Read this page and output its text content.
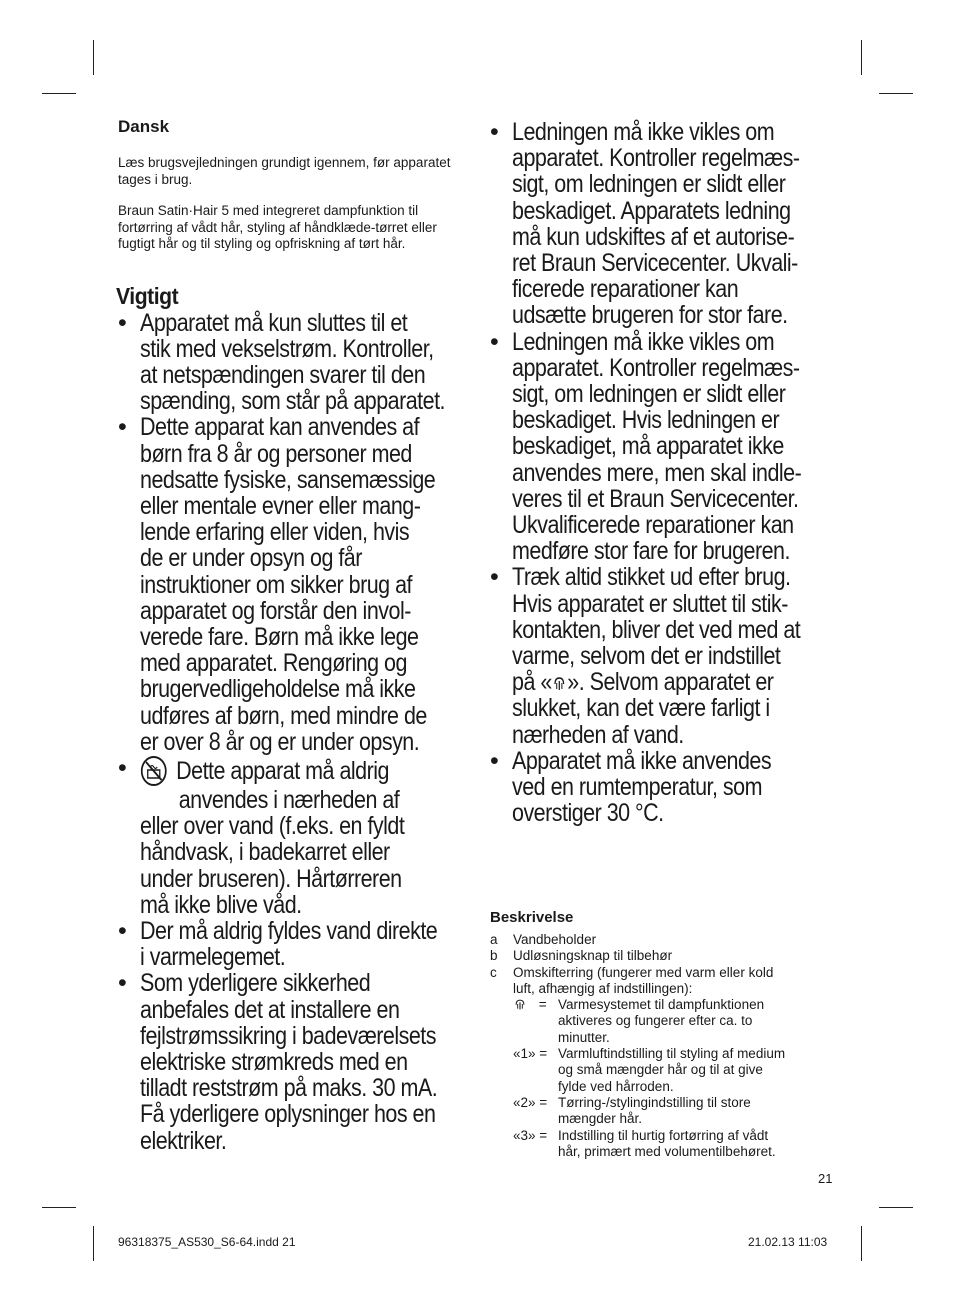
Dansk

Læs brugsvejledningen grundigt igennem, før apparatet tages i brug.

Braun Satin·Hair 5 med integreret dampfunktion til fortørring af vådt hår, styling af håndklæde-tørret eller fugtigt hår og til styling og opfriskning af tørt hår.

Vigtigt
• Apparatet må kun sluttes til et
stik med vekselstrøm. Kontroller,
at netspændingen svarer til den
spænding, som står på apparatet.
• Dette apparat kan anvendes af
børn fra 8 år og personer med
nedsatte fysiske, sansemæssige
eller mentale evner eller mang-
lende erfaring eller viden, hvis
de er under opsyn og får
instruktioner om sikker brug af
apparatet og forstår den invol-
verede fare. Børn må ikke lege
med apparatet. Rengøring og
brugervedligeholdelse må ikke
udføres af børn, med mindre de
er over 8 år og er under opsyn.
• Dette apparat må aldrig
anvendes i nærheden af
eller over vand (f.eks. en fyldt
håndvask, i badekarret eller
under bruseren). Hårtørreren
må ikke blive våd.
• Der må aldrig fyldes vand direkte
i varmelegemet.
• Som yderligere sikkerhed
anbefales det at installere en
fejlstrømssikring i badeværelsets
elektriske strømkreds med en
tilladt reststrøm på maks. 30 mA.
Få yderligere oplysninger hos en
elektriker.
• Ledningen må ikke vikles om
apparatet. Kontroller regelmæs-
sigt, om ledningen er slidt eller
beskadiget. Apparatets ledning
må kun udskiftes af et autorise-
ret Braun Servicecenter. Ukvali-
ficerede reparationer kan
udsætte brugeren for stor fare.
• Ledningen må ikke vikles om
apparatet. Kontroller regelmæs-
sigt, om ledningen er slidt eller
beskadiget. Hvis ledningen er
beskadiget, må apparatet ikke
anvendes mere, men skal indle-
veres til et Braun Servicecenter.
Ukvalificerede reparationer kan
medføre stor fare for brugeren.
• Træk altid stikket ud efter brug.
Hvis apparatet er sluttet til stik-
kontakten, bliver det ved med at
varme, selvom det er indstillet
på « ». Selvom apparatet er
slukket, kan det være farligt i
nærheden af vand.
• Apparatet må ikke anvendes
ved en rumtemperatur, som
overstiger 30 °C.
Beskrivelse
a	Vandbeholder
b	Udløsningsknap til tilbehør
c	Omskifterring (fungerer med varm eller kold
luft, afhængig af indstillingen):
= Varmesystemet til dampfunktionen
aktiveres og fungerer efter ca. to
minutter.
«1» = Varmluftindstilling til styling af medium
og små mængder hår og til at give
fylde ved hårroden.
«2» = Tørring-/stylingindstilling til store
mængder hår.
«3» = Indstilling til hurtig fortørring af vådt
hår, primært med volumentilbehøret.
21
96318375_AS530_S6-64.indd 21	21.02.13 11:03
